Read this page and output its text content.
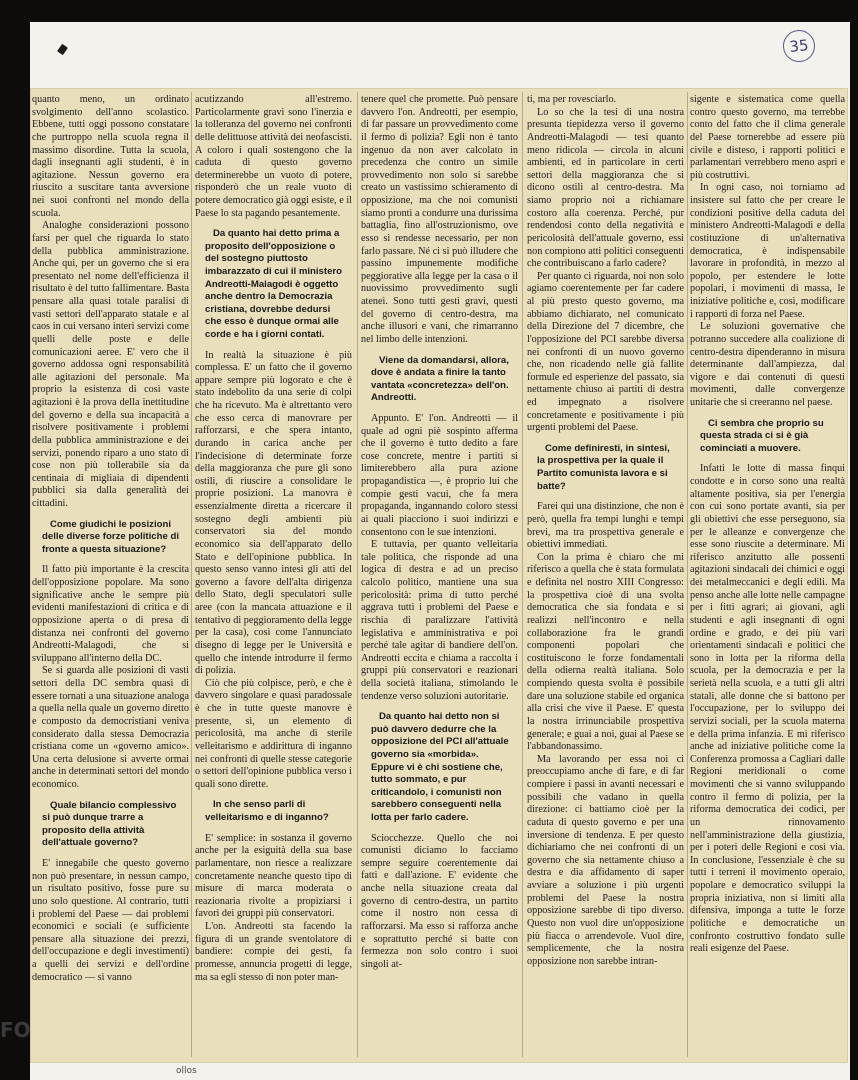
35

quanto meno, un ordinato svolgimento dell'anno scolastico. Ebbene, tutti oggi possono constatare che purtroppo nella scuola regna il massimo disordine. Tutta la scuola, dagli insegnanti agli studenti, è in agitazione. Nessun governo era riuscito a suscitare tanta avversione nei suoi confronti nel mondo della scuola.

Analoghe considerazioni possono farsi per quel che riguarda lo stato della pubblica amministrazione. Anche qui, per un governo che si era presentato nel nome dell'efficienza il risultato è del tutto fallimentare. Basta pensare alla quasi totale paralisi di vasti settori dell'apparato statale e al caos in cui versano interi servizi come quelli delle poste e delle comunicazioni aeree. E' vero che il governo addossa ogni responsabilità alle agitazioni del personale. Ma proprio la esistenza di così vaste agitazioni è la prova della inettitudine del governo e della sua incapacità a risolvere positivamente i problemi della pubblica amministrazione e dei servizi, ponendo riparo a uno stato di cose non più tollerabile sia da centinaia di migliaia di dipendenti pubblici sia dalla generalità dei cittadini.

Come giudichi le posizioni delle diverse forze politiche di fronte a questa situazione?

Il fatto più importante è la crescita dell'opposizione popolare. Ma sono significative anche le sempre più evidenti manifestazioni di critica e di opposizione aperta o di presa di distanza nei confronti del governo Andreotti-Malagodi, che si sviluppano all'interno della DC.

Se si guarda alle posizioni di vasti settori della DC sembra quasi di essere tornati a una situazione analoga a quella nella quale un governo diretto e composto da democristiani veniva considerato dalla stessa Democrazia cristiana come un «governo amico». Una certa delusione si avverte ormai anche in determinati settori del mondo economico.

Quale bilancio complessivo si può dunque trarre a proposito della attività dell'attuale governo?

E' innegabile che questo governo non può presentare, in nessun campo, un risultato positivo, fosse pure su uno solo questione. Al contrario, tutti i problemi del Paese — dai problemi economici e sociali (e sufficiente pensare alla situazione dei prezzi, dell'occupazione e degli investimenti) a quelli dei servizi e dell'ordine democratico — si vanno

acutizzando all'estremo. Particolarmente gravi sono l'inerzia e la tolleranza del governo nei confronti delle delittuose attività dei neofascisti. A coloro i quali sostengono che la caduta di questo governo determinerebbe un vuoto di potere, risponderò che un reale vuoto di potere democratico già oggi esiste, e il Paese lo sta pagando pesantemente.

Da quanto hai detto prima a proposito dell'opposizione o del sostegno piuttosto imbarazzato di cui il ministero Andreotti-Malagodi è oggetto anche dentro la Democrazia cristiana, dovrebbe dedursi che esso è dunque ormai alle corde e ha i giorni contati.

In realtà la situazione è più complessa. E' un fatto che il governo appare sempre più logorato e che è stato indebolito da una serie di colpi che ha ricevuto. Ma è altrettanto vero che esso cerca di manovrare per rafforzarsi, e che spera intanto, durando in carica anche per l'indecisione di determinate forze della maggioranza che pure gli sono ostili, di riuscire a consolidare le proprie posizioni. La manovra è essenzialmente diretta a ricercare il sostegno degli ambienti più conservatori sia del mondo economico sia dell'apparato dello Stato e dell'opinione pubblica. In questo senso vanno intesi gli atti del governo a favore dell'alta dirigenza dello Stato, degli speculatori sulle aree (con la mancata attuazione e il tentativo di peggioramento della legge per la casa), così come l'annunciato disegno di legge per le Università e quello che intende introdurre il fermo di polizia.

Ciò che più colpisce, però, e che è davvero singolare e quasi paradossale è che in tutte queste manovre è presente, sì, un elemento di pericolosità, ma anche di sterile velleitarismo e addirittura di inganno nei confronti di quelle stesse categorie o settori dell'opinione pubblica verso i quali sono dirette.

In che senso parli di velleitarismo e di inganno?

E' semplice: in sostanza il governo anche per la esiguità della sua base parlamentare, non riesce a realizzare concretamente neanche questo tipo di misure di marca moderata o reazionaria rivolte a propiziarsi i favori dei gruppi più conservatori.

L'on. Andreotti sta facendo la figura di un grande sventolatore di bandiere: compie dei gesti, fa promesse, annuncia progetti di legge, ma sa egli stesso di non poter man-

tenere quel che promette. Può pensare davvero l'on. Andreotti, per esempio, di far passare un provvedimento come il fermo di polizia? Egli non è tanto ingenuo da non aver calcolato in precedenza che contro un simile provvedimento non solo si sarebbe creato un vastissimo schieramento di opposizione, ma che noi comunisti siamo pronti a condurre una durissima battaglia, fino all'ostruzionismo, ove esso si rendesse necessario, per non farlo passare. Né ci si può illudere che passino impunemente modifiche peggiorative alla legge per la casa o il nuovissimo provvedimento sugli atenei. Sono tutti gesti gravi, questi del governo di centro-destra, ma anche illusori e vani, che rimarranno nel limbo delle intenzioni.

Viene da domandarsi, allora, dove è andata a finire la tanto vantata «concretezza» dell'on. Andreotti.

Appunto. E' l'on. Andreotti — il quale ad ogni piè sospinto afferma che il governo è tutto dedito a fare cose concrete, mentre i partiti si limiterebbero alla pura azione propagandistica —, è proprio lui che compie gesti vacui, che fa mera propaganda, ingannando coloro stessi ai quali piacciono i suoi indirizzi e consentono con le sue intenzioni.

E tuttavia, per quanto velleitaria tale politica, che risponde ad una logica di destra e ad un preciso calcolo politico, mantiene una sua pericolosità: prima di tutto perché aggrava tutti i problemi del Paese e rischia di paralizzare l'attività legislativa e amministrativa e poi perché tale agitar di bandiere dell'on. Andreotti eccita e chiama a raccolta i gruppi più conservatori e reazionari della società italiana, stimolando le tendenze verso soluzioni autoritarie.

Da quanto hai detto non si può davvero dedurre che la opposizione del PCI all'attuale governo sia «morbida». Eppure vi è chi sostiene che, tutto sommato, e pur criticandolo, i comunisti non sarebbero conseguenti nella lotta per farlo cadere.

Sciocchezze. Quello che noi comunisti diciamo lo facciamo sempre seguire coerentemente dai fatti e dall'azione. E' evidente che anche nella situazione creata dal governo di centro-destra, un partito come il nostro non cessa di rafforzarsi. Ma esso si rafforza anche e soprattutto perché si batte con fermezza non solo contro i suoi singoli at-

ti, ma per rovesciarlo.

Lo so che la tesi di una nostra presunta tiepidezza verso il governo Andreotti-Malagodi — tesi quanto meno ridicola — circola in alcuni ambienti, ed in particolare in certi settori della maggioranza che si dicono ostili al centro-destra. Ma siamo proprio noi a richiamare costoro alla coerenza. Perché, pur rendendosi conto della negatività e pericolosità dell'attuale governo, essi non compiono atti politici conseguenti che contribuiscano a farlo cadere?

Per quanto ci riguarda, noi non solo agiamo coerentemente per far cadere al più presto questo governo, ma abbiamo dichiarato, nel comunicato della Direzione del 7 dicembre, che l'opposizione del PCI sarebbe diversa nei confronti di un nuovo governo che, non ricadendo nelle già fallite formule ed esperienze del passato, sia nettamente chiuso ai partiti di destra ed impegnato a risolvere concretamente e positivamente i più urgenti problemi del Paese.

Come definiresti, in sintesi, la prospettiva per la quale il Partito comunista lavora e si batte?

Farei qui una distinzione, che non è però, quella fra tempi lunghi e tempi brevi, ma tra prospettiva generale e obiettivi immediati.

Con la prima è chiaro che mi riferisco a quella che è stata formulata e definita nel nostro XIII Congresso: la prospettiva cioè di una svolta democratica che sia fondata e si realizzi nell'incontro e nella collaborazione fra le grandi componenti popolari che costituiscono le forze fondamentali della odierna realtà italiana. Solo compiendo questa svolta è possibile dare una soluzione stabile ed organica alla crisi che vive il Paese. E' questa la nostra irrinunciabile prospettiva generale; e guai a noi, guai al Paese se l'abbandonassimo.

Ma lavorando per essa noi ci preoccupiamo anche di fare, e di far compiere i passi in avanti necessari e possibili che vadano in quella direzione: ci battiamo cioè per la caduta di questo governo e per una inversione di tendenza. E per questo dichiariamo che nei confronti di un governo che sia nettamente chiuso a destra e dia affidamento di saper avviare a soluzione i più urgenti problemi del Paese la nostra opposizione sarebbe di tipo diverso. Questo non vuol dire un'opposizione più fiacca o arrendevole. Vuol dire, semplicemente, che la nostra opposizione non sarebbe intran-

sigente e sistematica come quella contro questo governo, ma terrebbe conto del fatto che il clima generale del Paese tornerebbe ad essere più civile e disteso, i rapporti politici e parlamentari verrebbero meno aspri e più costruttivi.

In ogni caso, noi torniamo ad insistere sul fatto che per creare le condizioni positive della caduta del ministero Andreotti-Malagodi e della costituzione di un'alternativa democratica, è indispensabile lavorare in profondità, in mezzo al popolo, per estendere le lotte popolari, i movimenti di massa, le iniziative politiche e, così, modificare i rapporti di forza nel Paese.

Le soluzioni governative che potranno succedere alla coalizione di centro-destra dipenderanno in misura determinante dall'ampiezza, dal vigore e dai contenuti di questi movimenti, dalle convergenze unitarie che si creeranno nel paese.

Ci sembra che proprio su questa strada ci si è già cominciati a muovere.

Infatti le lotte di massa finqui condotte e in corso sono una realtà altamente positiva, sia per l'energia con cui sono portate avanti, sia per gli obiettivi che esse perseguono, sia per le alleanze e convergenze che esse sono riuscite a determinare. Mi riferisco anzitutto alle possenti agitazioni sindacali dei chimici e oggi dei metalmeccanici e degli edili. Ma penso anche alle lotte nelle campagne per i fitti agrari; ai giovani, agli studenti e agli insegnanti di ogni ordine e grado, e dei più vari orientamenti sindacali e politici che sono in lotta per la riforma della scuola, per la democrazia e per la serietà nella scuola, e a tutti gli altri statali, alle donne che si battono per l'occupazione, per lo sviluppo dei servizi sociali, per la scuola materna e della prima infanzia. E mi riferisco anche ad iniziative politiche come la Conferenza promossa a Cagliari dalle Regioni meridionali o come movimenti che si vanno sviluppando contro il fermo di polizia, per la riforma democratica dei codici, per un rinnovamento nell'amministrazione della giustizia, per i poteri delle Regioni e così via. In conclusione, l'essenziale è che su tutti i terreni il movimento operaio, popolare e democratico sviluppi la propria iniziativa, non si limiti alla difensiva, imponga a tutte le forze politiche e democratiche un confronto costruttivo fondato sulle reali esigenze del Paese.

FO
ollos
